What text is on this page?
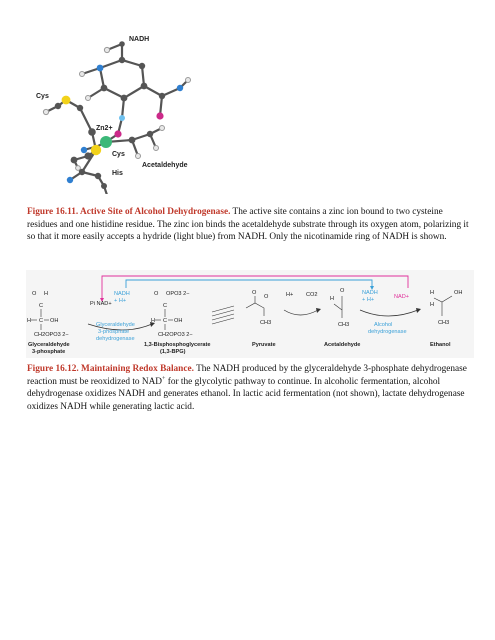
NADH
Cys
Zn2+
Cys
His
Acetaldehyde

Figure 16.11. Active Site of Alcohol Dehydrogenase. The active site contains a zinc ion bound to two cysteine residues and one histidine residue. The zinc ion binds the acetaldehyde substrate through its oxygen atom, polarizing it so that it more easily accepts a hydride (light blue) from NADH. Only the nicotinamide ring of NADH is shown.

O H
C
H C OH
CH2OPO3 2−
Glyceraldehyde
3-phosphate
Pi NAD+
NADH
+ H+
Glyceraldehyde
3-phosphate
dehydrogenase
O OPO3 2−
C
H C OH
CH2OPO3 2−
1,3-Bisphosphoglycerate
(1,3-BPG)
O
O
CH3
Pyruvate
H+ CO2
H
O
CH3
Acetaldehyde
NADH
+ H+	NAD+
Alcohol
dehydrogenase
H	OH
H
CH3
Ethanol

Figure 16.12. Maintaining Redox Balance. The NADH produced by the glyceraldehyde 3-phosphate dehydrogenase reaction must be reoxidized to NAD+ for the glycolytic pathway to continue. In alcoholic fermentation, alcohol dehydrogenase oxidizes NADH and generates ethanol. In lactic acid fermentation (not shown), lactate dehydrogenase oxidizes NADH while generating lactic acid.
